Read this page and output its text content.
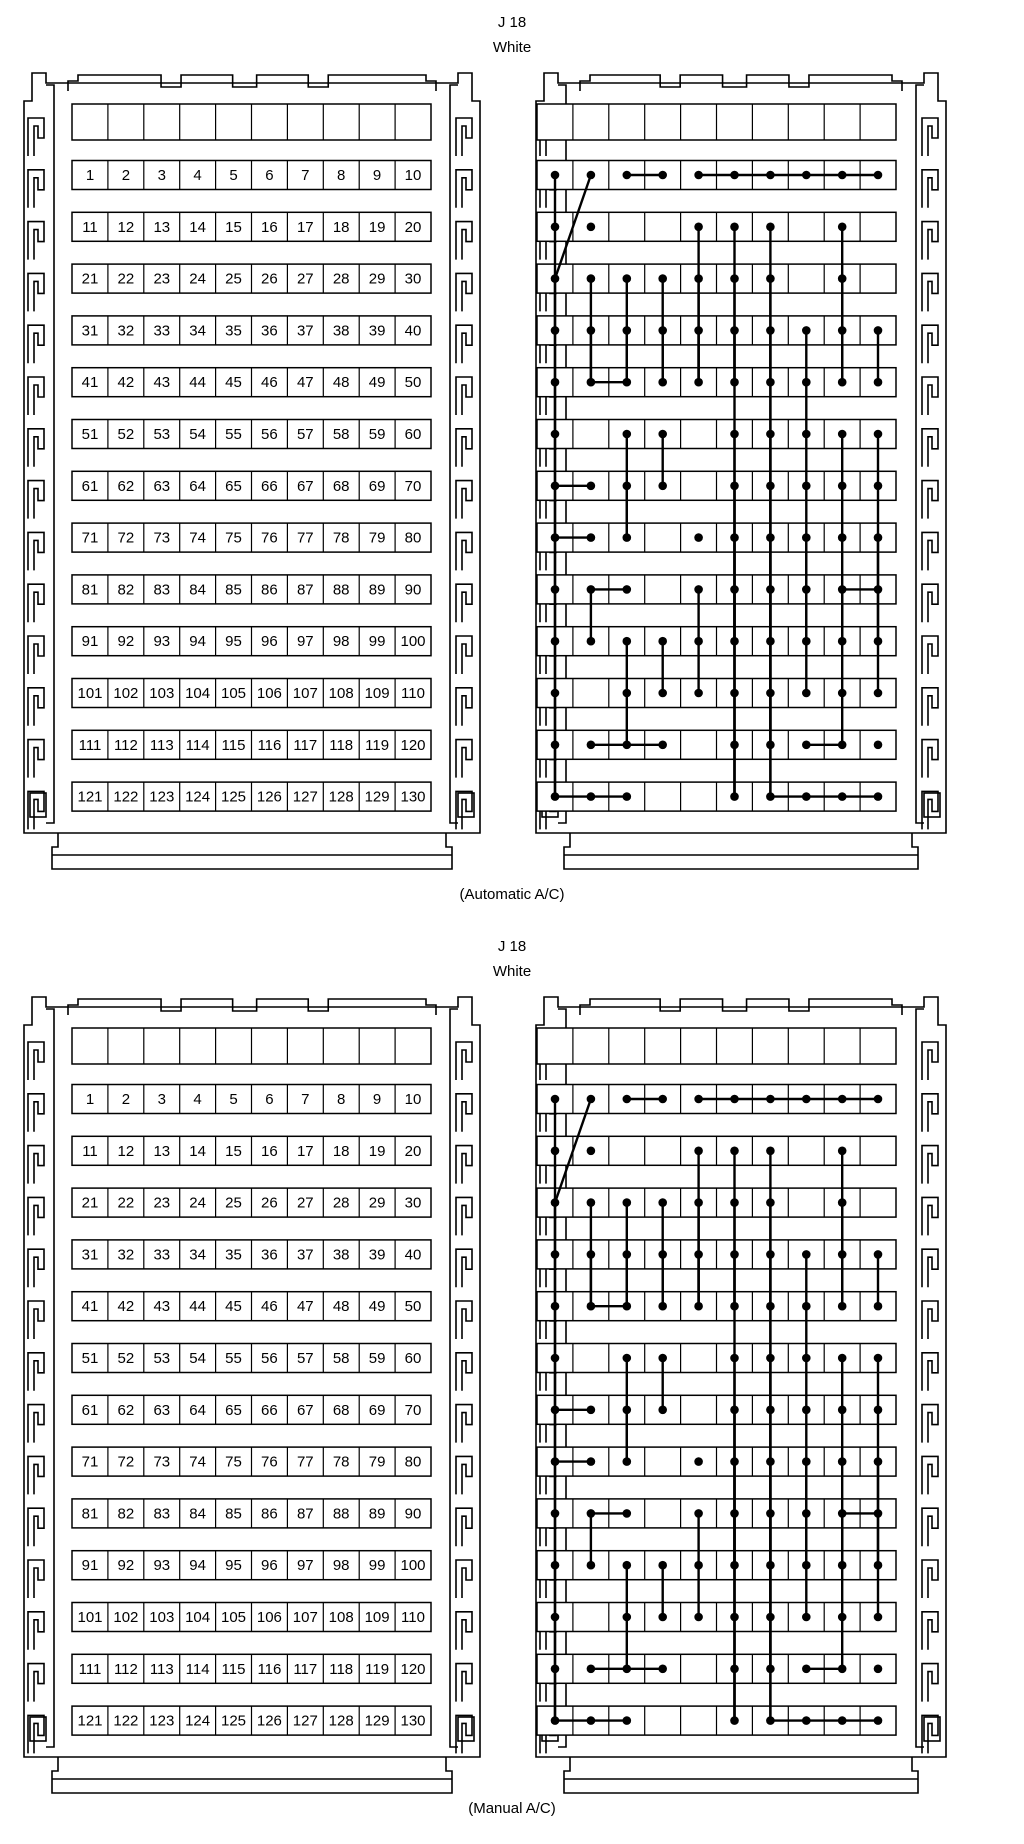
J 18
White
1 2 3 4 5 6 7 8 9 10
11 12 13 14 15 16 17 18 19 20
21 22 23 24 25 26 27 28 29 30
31 32 33 34 35 36 37 38 39 40
41 42 43 44 45 46 47 48 49 50
51 52 53 54 55 56 57 58 59 60
61 62 63 64 65 66 67 68 69 70
71 72 73 74 75 76 77 78 79 80
81 82 83 84 85 86 87 88 89 90
91 92 93 94 95 96 97 98 99 100
101 102 103 104 105 106 107 108 109 110
111 112 113 114 115 116 117 118 119 120
121 122 123 124 125 126 127 128 129 130
(Automatic A/C)
J 18
White
1 2 3 4 5 6 7 8 9 10
11 12 13 14 15 16 17 18 19 20
21 22 23 24 25 26 27 28 29 30
31 32 33 34 35 36 37 38 39 40
41 42 43 44 45 46 47 48 49 50
51 52 53 54 55 56 57 58 59 60
61 62 63 64 65 66 67 68 69 70
71 72 73 74 75 76 77 78 79 80
81 82 83 84 85 86 87 88 89 90
91 92 93 94 95 96 97 98 99 100
101 102 103 104 105 106 107 108 109 110
111 112 113 114 115 116 117 118 119 120
121 122 123 124 125 126 127 128 129 130
(Manual A/C)
